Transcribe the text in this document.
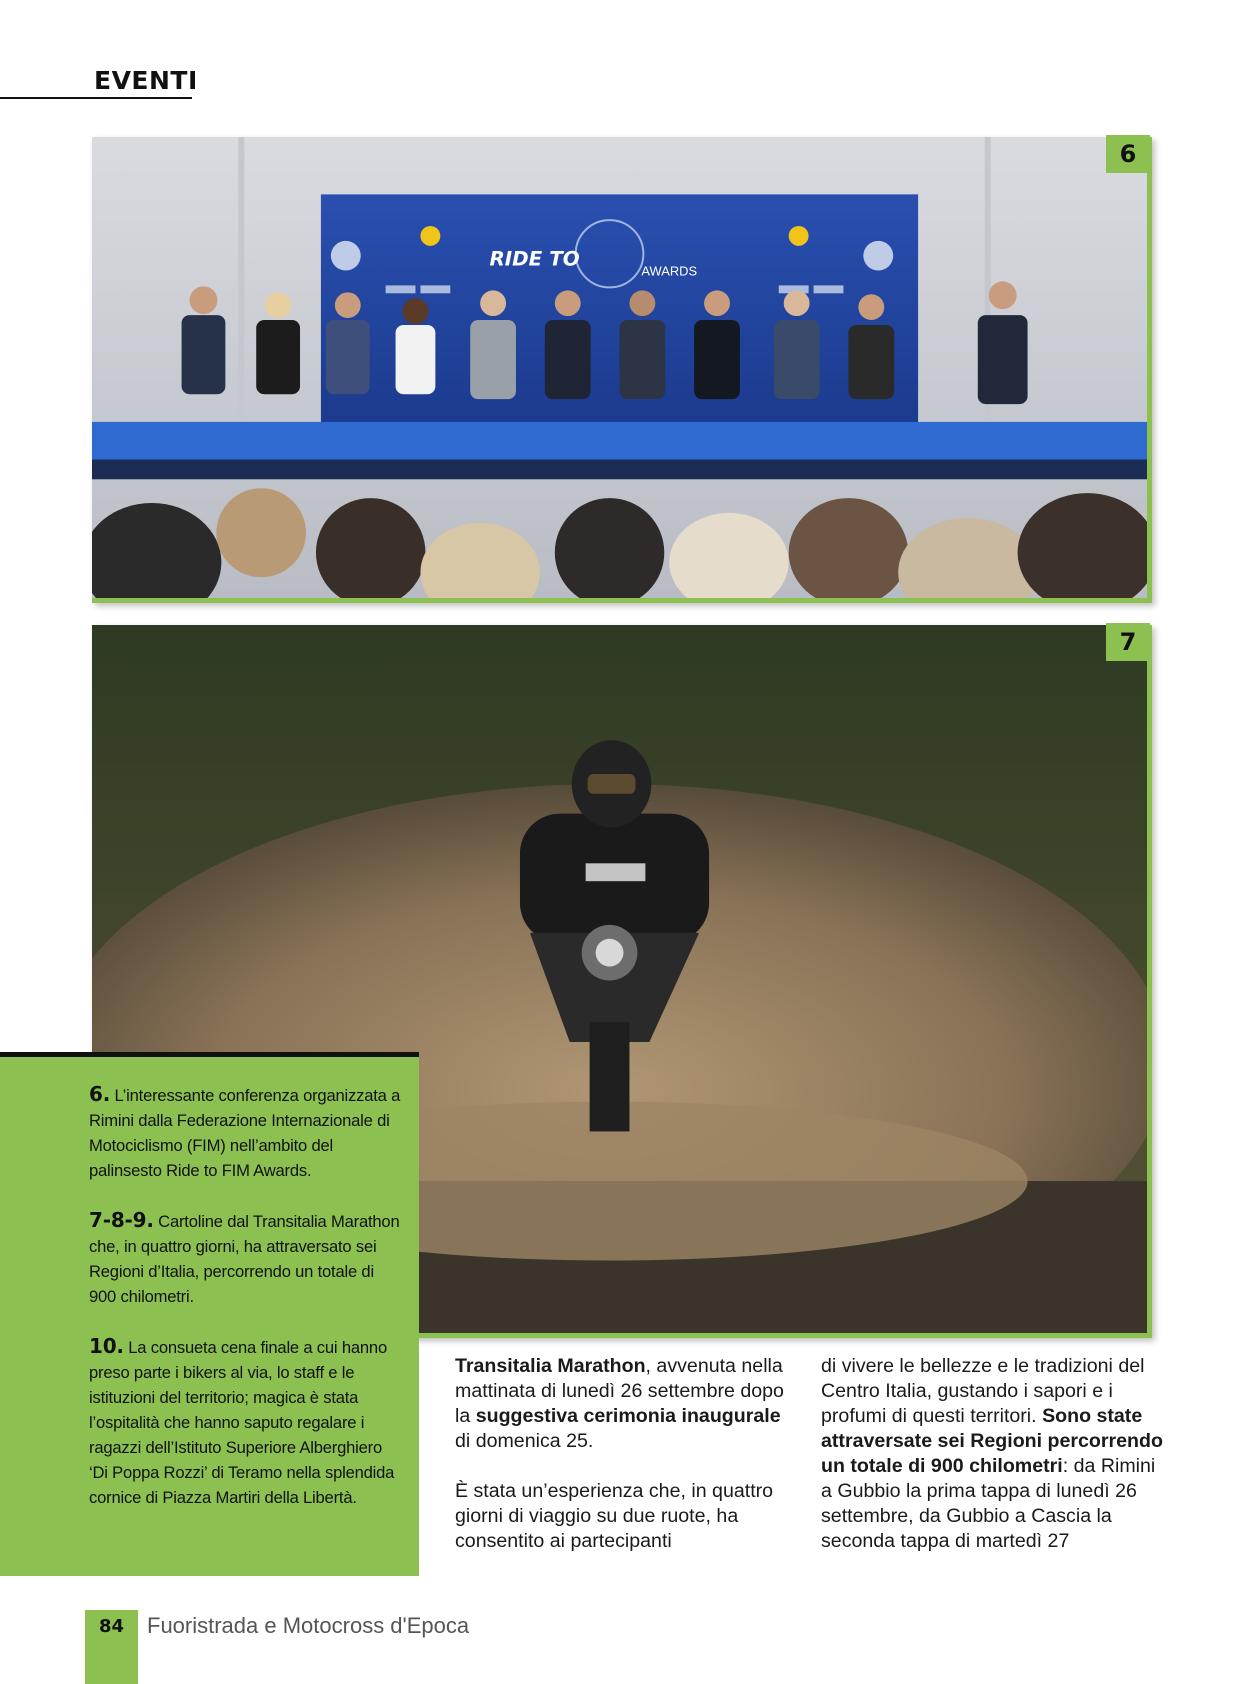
EVENTI
RIDE TO
AWARDS
6
7

6. L’interessante conferenza organizzata a Rimini dalla Federazione Internazionale di Motociclismo (FIM) nell’ambito del palinsesto Ride to FIM Awards.

7-8-9. Cartoline dal Transitalia Marathon che, in quattro giorni, ha attraversato sei Regioni d’Italia, percorrendo un totale di 900 chilometri.

10. La consueta cena finale a cui hanno preso parte i bikers al via, lo staff e le istituzioni del territorio; magica è stata l’ospitalità che hanno saputo regalare i ragazzi dell’Istituto Superiore Alberghiero ‘Di Poppa Rozzi’ di Teramo nella splendida cornice di Piazza Martiri della Libertà.

Transitalia Marathon, avvenuta nella mattinata di lunedì 26 settembre dopo la suggestiva cerimonia inaugurale di domenica 25.

È stata un’esperienza che, in quattro giorni di viaggio su due ruote, ha consentito ai partecipanti

di vivere le bellezze e le tradizioni del Centro Italia, gustando i sapori e i profumi di questi territori. Sono state attraversate sei Regioni percorrendo un totale di 900 chilometri: da Rimini a Gubbio la prima tappa di lunedì 26 settembre, da Gubbio a Cascia la seconda tappa di martedì 27

84	Fuoristrada e Motocross d'Epoca
